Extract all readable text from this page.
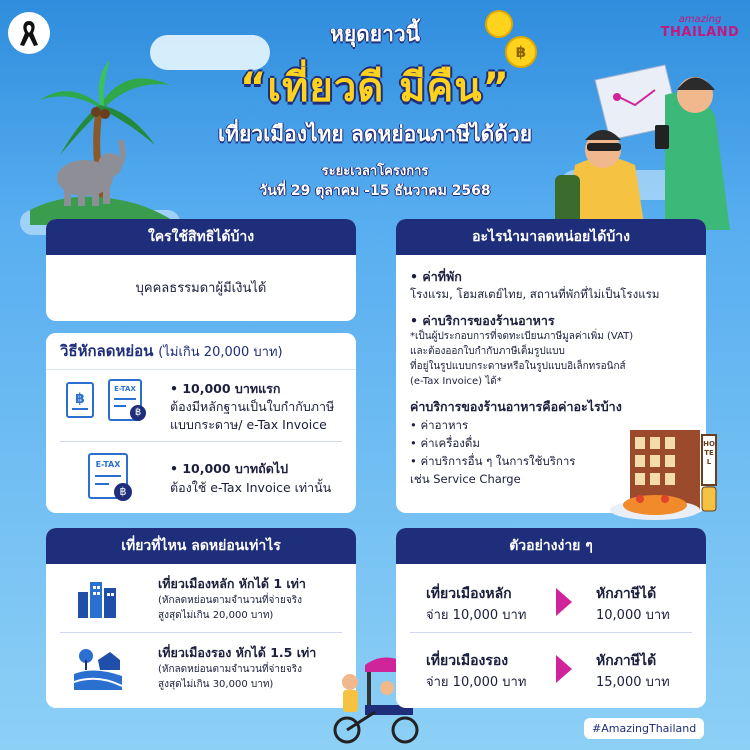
amazing
THAILAND
฿
หยุดยาวนี้
“เที่ยวดี มีคืน”
เที่ยวเมืองไทย ลดหย่อนภาษีได้ด้วย
ระยะเวลาโครงการ
วันที่ 29 ตุลาคม -15 ธันวาคม 2568
ใครใช้สิทธิได้บ้าง
บุคคลธรรมดาผู้มีเงินได้
วิธีหักลดหย่อน (ไม่เกิน 20,000 บาท)
฿
E-TAX
฿
• 10,000 บาทแรก
ต้องมีหลักฐานเป็นใบกำกับภาษี
แบบกระดาษ/ e-Tax Invoice
E-TAX
฿
• 10,000 บาทถัดไป
ต้องใช้ e-Tax Invoice เท่านั้น
อะไรนำมาลดหน่อยได้บ้าง
• ค่าที่พัก
โรงแรม, โฮมสเตย์ไทย, สถานที่พักที่ไม่เป็นโรงแรม
• ค่าบริการของร้านอาหาร
*เป็นผู้ประกอบการที่จดทะเบียนภาษีมูลค่าเพิ่ม (VAT)
และต้องออกใบกำกับภาษีเต็มรูปแบบ
ที่อยู่ในรูปแบบกระดาษหรือในรูปแบบอิเล็กทรอนิกส์
(e-Tax Invoice) ได้*
ค่าบริการของร้านอาหารคือค่าอะไรบ้าง
• ค่าอาหาร
• ค่าเครื่องดื่ม
• ค่าบริการอื่น ๆ ในการใช้บริการ
เช่น Service Charge
HOTEL
เที่ยวที่ไหน ลดหย่อนเท่าไร
เที่ยวเมืองหลัก หักได้ 1 เท่า
(หักลดหย่อนตามจำนวนที่จ่ายจริง
สูงสุดไม่เกิน 20,000 บาท)
เที่ยวเมืองรอง หักได้ 1.5 เท่า
(หักลดหย่อนตามจำนวนที่จ่ายจริง
สูงสุดไม่เกิน 30,000 บาท)
ตัวอย่างง่าย ๆ
เที่ยวเมืองหลัก
จ่าย 10,000 บาท
หักภาษีได้
10,000 บาท
เที่ยวเมืองรอง
จ่าย 10,000 บาท
หักภาษีได้
15,000 บาท
#AmazingThailand
